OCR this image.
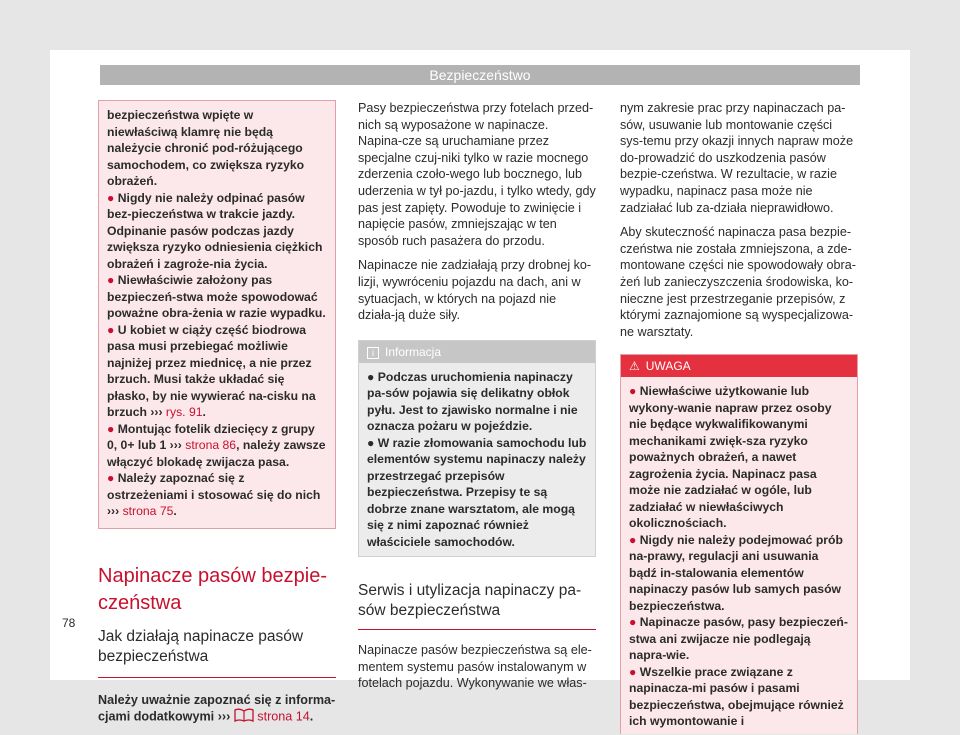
Bezpieczeństwo

bezpieczeństwa wpięte w niewłaściwą klamrę nie będą należycie chronić pod-różującego samochodem, co zwiększa ryzyko obrażeń.

● Nigdy nie należy odpinać pasów bez-pieczeństwa w trakcie jazdy. Odpinanie pasów podczas jazdy zwiększa ryzyko odniesienia ciężkich obrażeń i zagroże-nia życia.

● Niewłaściwie założony pas bezpieczeń-stwa może spowodować poważne obra-żenia w razie wypadku.

● U kobiet w ciąży część biodrowa pasa musi przebiegać możliwie najniżej przez miednicę, a nie przez brzuch. Musi także układać się płasko, by nie wywierać na-cisku na brzuch ››› rys. 91.

● Montując fotelik dziecięcy z grupy 0, 0+ lub 1 ››› strona 86, należy zawsze włączyć blokadę zwijacza pasa.

● Należy zapoznać się z ostrzeżeniami i stosować się do nich ››› strona 75.

Napinacze pasów bezpie-czeństwa
Jak działają napinacze pasów bezpieczeństwa

Należy uważnie zapoznać się z informa-cjami dodatkowymi ››› strona 14.

Pasy bezpieczeństwa przy fotelach przed-nich są wyposażone w napinacze. Napina-cze są uruchamiane przez specjalne czuj-niki tylko w razie mocnego zderzenia czoło-wego lub bocznego, lub uderzenia w tył po-jazdu, i tylko wtedy, gdy pas jest zapięty. Powoduje to zwinięcie i napięcie pasów, zmniejszając w ten sposób ruch pasażera do przodu.

Napinacze nie zadziałają przy drobnej ko-lizji, wywróceniu pojazdu na dach, ani w sytuacjach, w których na pojazd nie działa-ją duże siły.

i Informacja

● Podczas uruchomienia napinaczy pa-sów pojawia się delikatny obłok pyłu. Jest to zjawisko normalne i nie oznacza pożaru w pojeździe.

● W razie złomowania samochodu lub elementów systemu napinaczy należy przestrzegać przepisów bezpieczeństwa. Przepisy te są dobrze znane warsztatom, ale mogą się z nimi zapoznać również właściciele samochodów.

Serwis i utylizacja napinaczy pa-sów bezpieczeństwa

Napinacze pasów bezpieczeństwa są ele-mentem systemu pasów instalowanym w fotelach pojazdu. Wykonywanie we włas-

nym zakresie prac przy napinaczach pa-sów, usuwanie lub montowanie części sys-temu przy okazji innych napraw może do-prowadzić do uszkodzenia pasów bezpie-czeństwa. W rezultacie, w razie wypadku, napinacz pasa może nie zadziałać lub za-działa nieprawidłowo.

Aby skuteczność napinacza pasa bezpie-czeństwa nie została zmniejszona, a zde-montowane części nie spowodowały obra-żeń lub zanieczyszczenia środowiska, ko-nieczne jest przestrzeganie przepisów, z którymi zaznajomione są wyspecjalizowa-ne warsztaty.

⚠ UWAGA

● Niewłaściwe użytkowanie lub wykony-wanie napraw przez osoby nie będące wykwalifikowanymi mechanikami zwięk-sza ryzyko poważnych obrażeń, a nawet zagrożenia życia. Napinacz pasa może nie zadziałać w ogóle, lub zadziałać w niewłaściwych okolicznościach.

● Nigdy nie należy podejmować prób na-prawy, regulacji ani usuwania bądź in-stalowania elementów napinaczy pasów lub samych pasów bezpieczeństwa.

● Napinacze pasów, pasy bezpieczeń-stwa ani zwijacze nie podlegają napra-wie.

● Wszelkie prace związane z napinacza-mi pasów i pasami bezpieczeństwa, obejmujące również ich wymontowanie i

78
